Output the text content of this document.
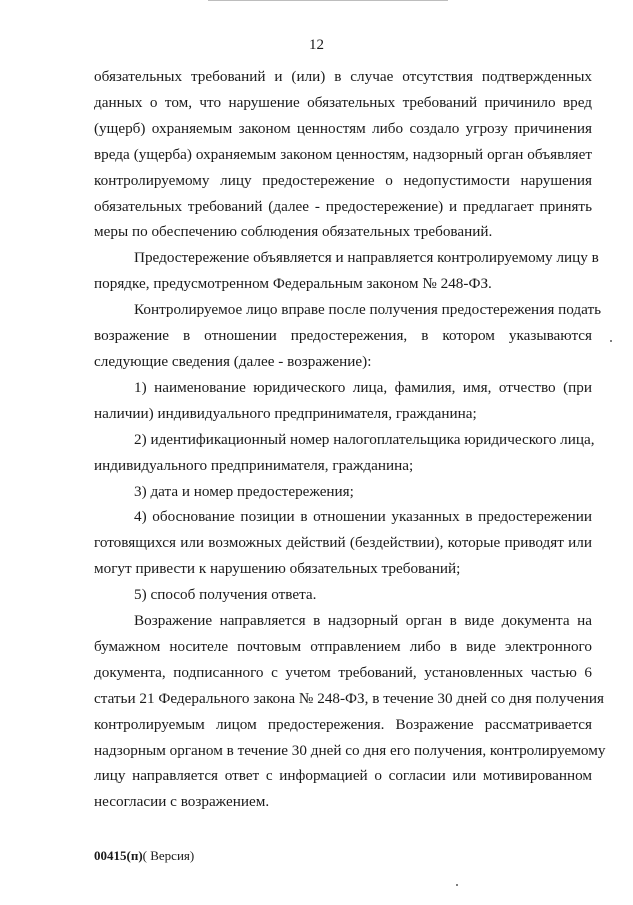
12

обязательных требований и (или) в случае отсутствия подтвержденных
данных о том, что нарушение обязательных требований причинило вред
(ущерб) охраняемым законом ценностям либо создало угрозу причинения
вреда (ущерба) охраняемым законом ценностям, надзорный орган объявляет
контролируемому лицу предостережение о недопустимости нарушения
обязательных требований (далее - предостережение) и предлагает принять
меры по обеспечению соблюдения обязательных требований.

Предостережение объявляется и направляется контролируемому лицу в
порядке, предусмотренном Федеральным законом № 248-ФЗ.

Контролируемое лицо вправе после получения предостережения подать
возражение в отношении предостережения, в котором указываются
следующие сведения (далее - возражение):

1) наименование юридического лица, фамилия, имя, отчество (при
наличии) индивидуального предпринимателя, гражданина;

2) идентификационный номер налогоплательщика юридического лица,
индивидуального предпринимателя, гражданина;

3) дата и номер предостережения;

4) обоснование позиции в отношении указанных в предостережении
готовящихся или возможных действий (бездействии), которые приводят или
могут привести к нарушению обязательных требований;

5) способ получения ответа.

Возражение направляется в надзорный орган в виде документа на
бумажном носителе почтовым отправлением либо в виде электронного
документа, подписанного с учетом требований, установленных частью 6
статьи 21 Федерального закона № 248-ФЗ, в течение 30 дней со дня получения
контролируемым лицом предостережения. Возражение рассматривается
надзорным органом в течение 30 дней со дня его получения, контролируемому
лицу направляется ответ с информацией о согласии или мотивированном
несогласии с возражением.

00415(п)( Версия)
